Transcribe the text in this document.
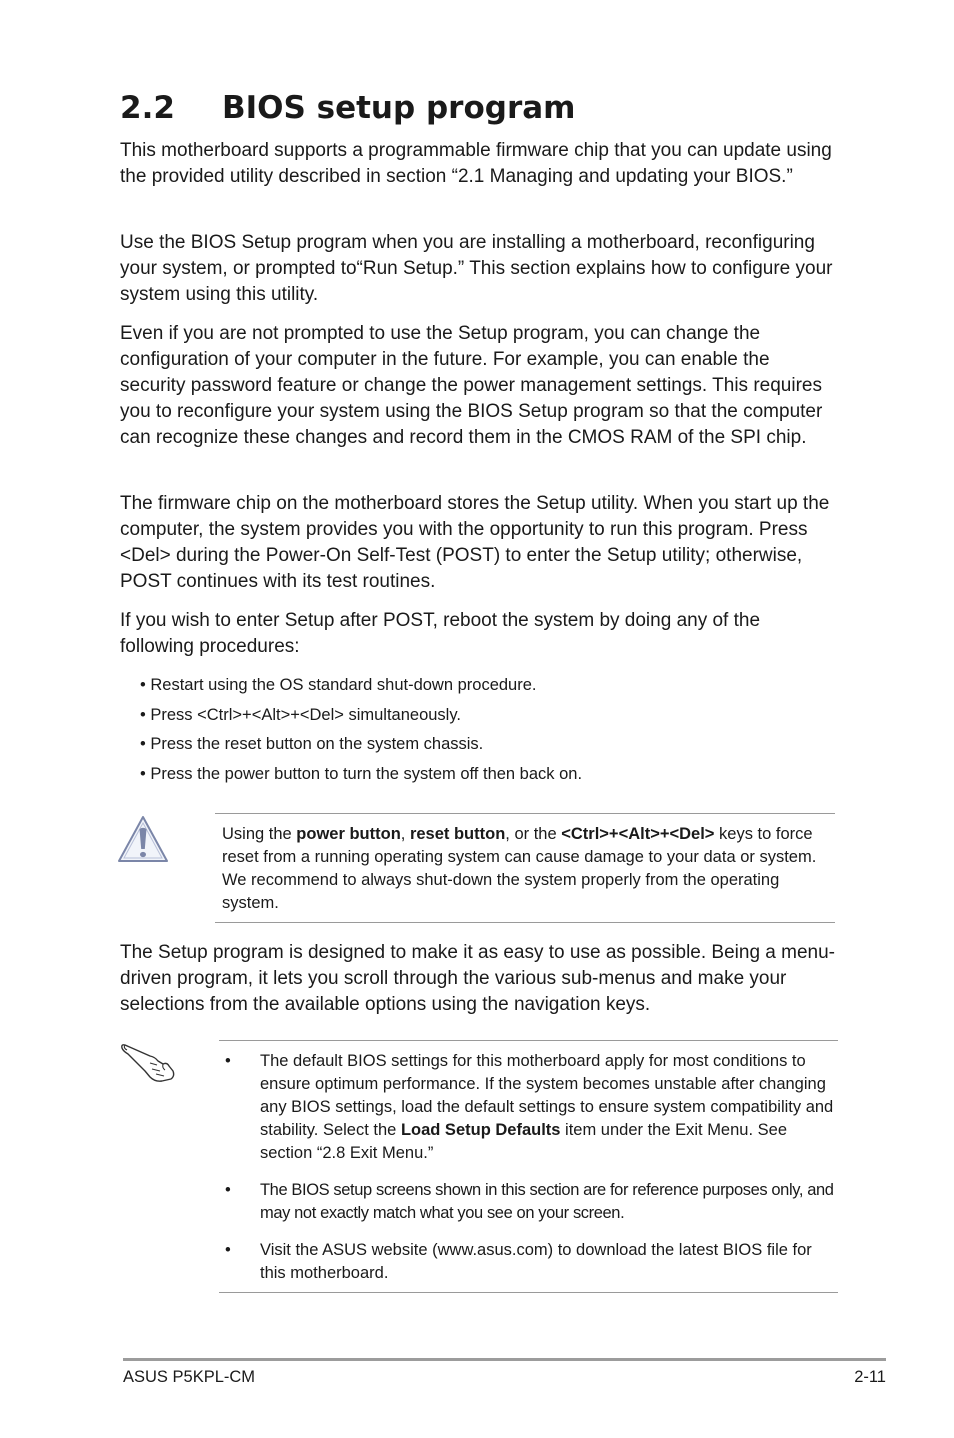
2.2 BIOS setup program

This motherboard supports a programmable firmware chip that you can update using the provided utility described in section “2.1 Managing and updating your BIOS.”

Use the BIOS Setup program when you are installing a motherboard, reconfiguring your system, or prompted to“Run Setup.” This section explains how to configure your system using this utility.

Even if you are not prompted to use the Setup program, you can change the configuration of your computer in the future. For example, you can enable the security password feature or change the power management settings. This requires you to reconfigure your system using the BIOS Setup program so that the computer can recognize these changes and record them in the CMOS RAM of the SPI chip.

The firmware chip on the motherboard stores the Setup utility. When you start up the computer, the system provides you with the opportunity to run this program. Press <Del> during the Power-On Self-Test (POST) to enter the Setup utility; otherwise, POST continues with its test routines.

If you wish to enter Setup after POST, reboot the system by doing any of the following procedures:

• Restart using the OS standard shut-down procedure.
• Press <Ctrl>+<Alt>+<Del> simultaneously.
• Press the reset button on the system chassis.
• Press the power button to turn the system off then back on.

Using the power button, reset button, or the <Ctrl>+<Alt>+<Del> keys to force reset from a running operating system can cause damage to your data or system. We recommend to always shut-down the system properly from the operating system.

The Setup program is designed to make it as easy to use as possible. Being a menu-driven program, it lets you scroll through the various sub-menus and make your selections from the available options using the navigation keys.

• The default BIOS settings for this motherboard apply for most conditions to ensure optimum performance. If the system becomes unstable after changing any BIOS settings, load the default settings to ensure system compatibility and stability. Select the Load Setup Defaults item under the Exit Menu. See section “2.8 Exit Menu.”
• The BIOS setup screens shown in this section are for reference purposes only, and may not exactly match what you see on your screen.
• Visit the ASUS website (www.asus.com) to download the latest BIOS file for this motherboard.
ASUS P5KPL-CM	2-11
